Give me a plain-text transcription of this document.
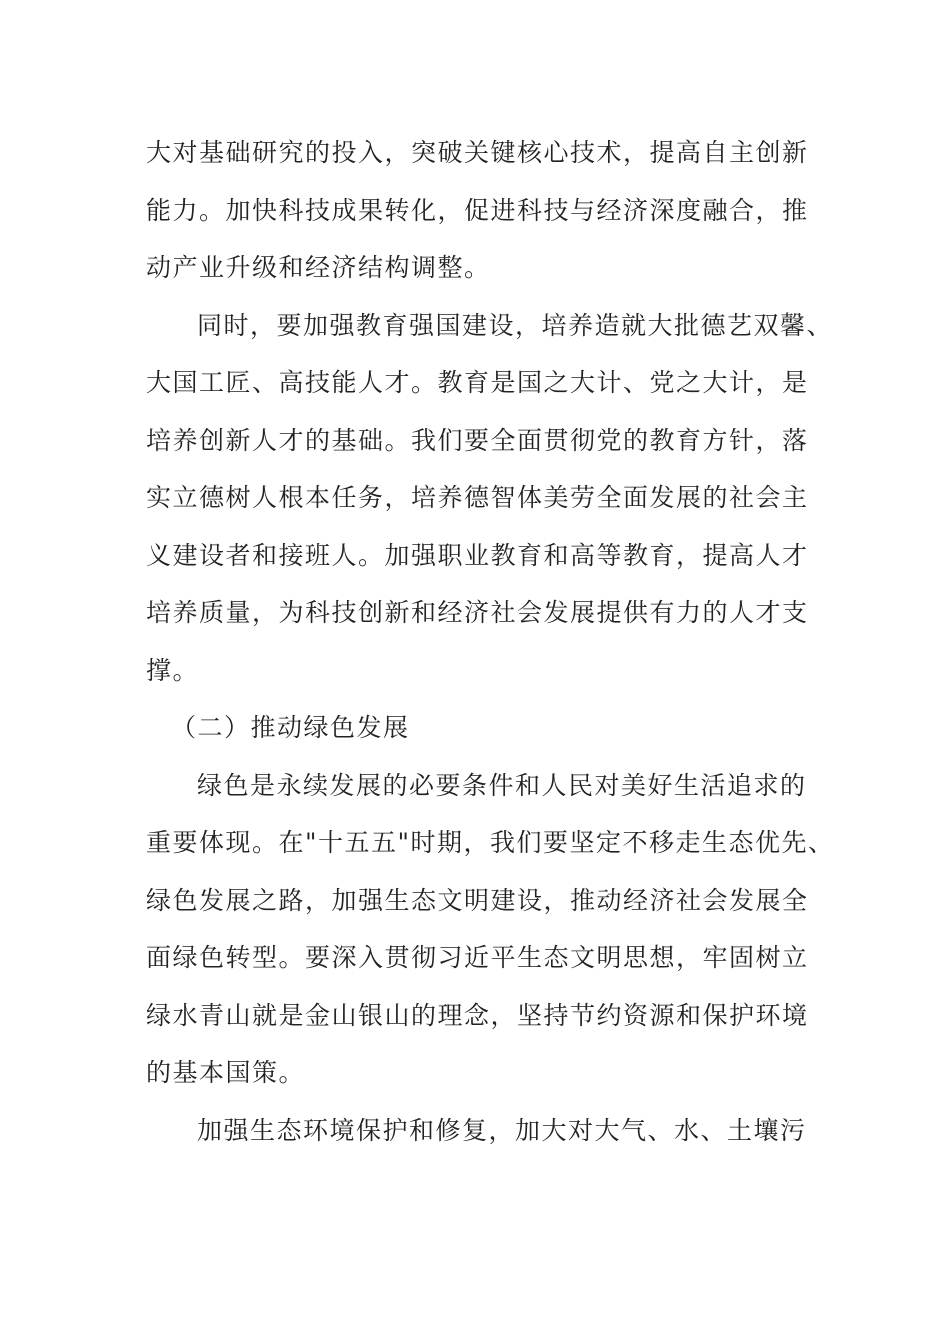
大对基础研究的投入，突破关键核心技术，提高自主创新
能力。加快科技成果转化，促进科技与经济深度融合，推
动产业升级和经济结构调整。
同时，要加强教育强国建设，培养造就大批德艺双馨、
大国工匠、高技能人才。教育是国之大计、党之大计，是
培养创新人才的基础。我们要全面贯彻党的教育方针，落
实立德树人根本任务，培养德智体美劳全面发展的社会主
义建设者和接班人。加强职业教育和高等教育，提高人才
培养质量，为科技创新和经济社会发展提供有力的人才支
撑。
（二）推动绿色发展
绿色是永续发展的必要条件和人民对美好生活追求的
重要体现。在"十五五"时期，我们要坚定不移走生态优先、
绿色发展之路，加强生态文明建设，推动经济社会发展全
面绿色转型。要深入贯彻习近平生态文明思想，牢固树立
绿水青山就是金山银山的理念，坚持节约资源和保护环境
的基本国策。
加强生态环境保护和修复，加大对大气、水、土壤污
